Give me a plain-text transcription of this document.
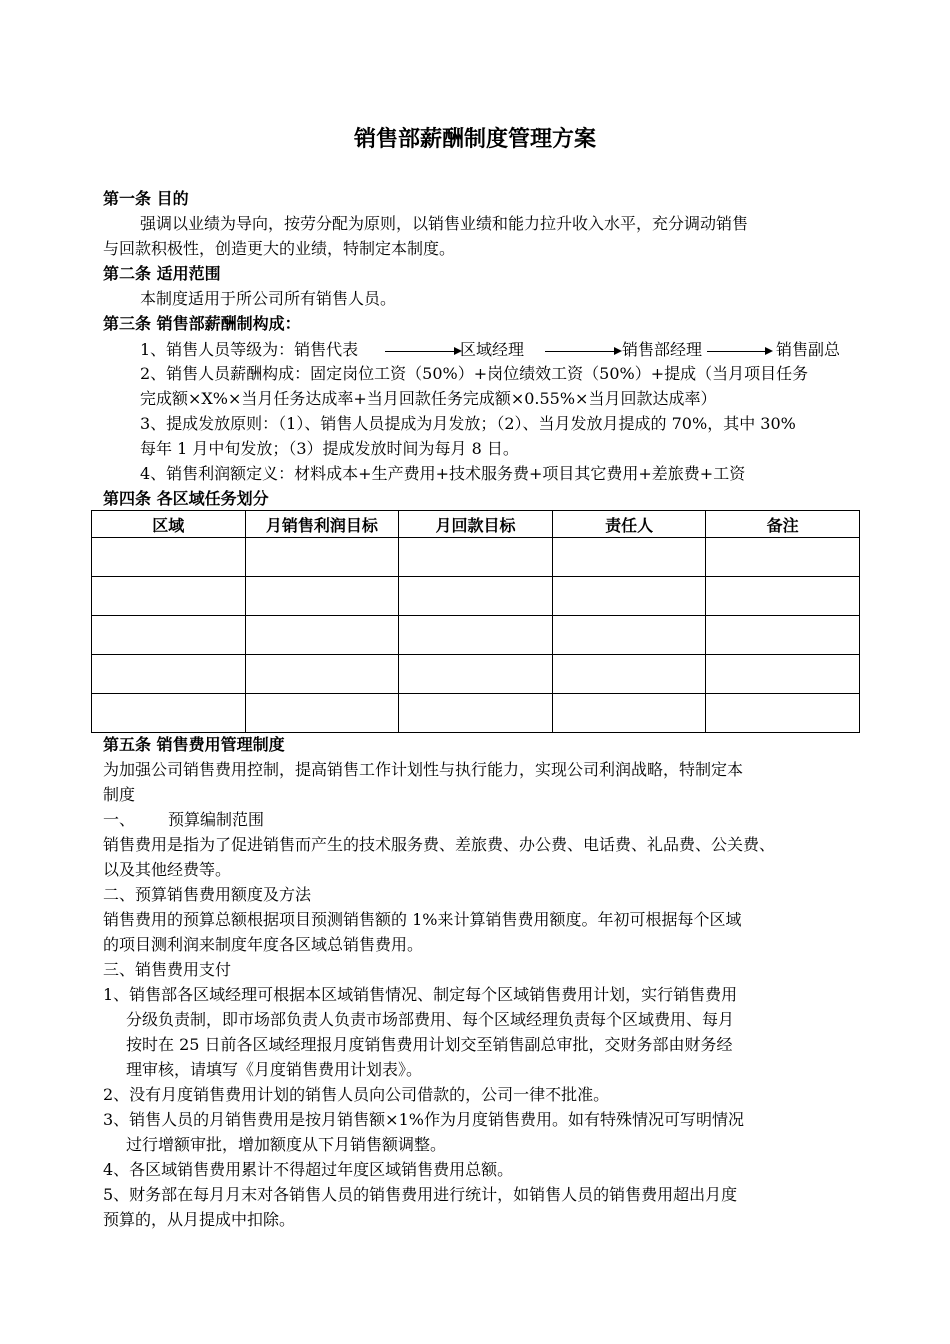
销售部薪酬制度管理方案
第一条 目的
强调以业绩为导向，按劳分配为原则，以销售业绩和能力拉升收入水平，充分调动销售
与回款积极性，创造更大的业绩，特制定本制度。
第二条 适用范围
本制度适用于所公司所有销售人员。
第三条 销售部薪酬制构成：
1、销售人员等级为：销售代表	区域经理	销售部经理	销售副总
2、销售人员薪酬构成：固定岗位工资（50%）+岗位绩效工资（50%）+提成（当月项目任务
完成额×X%×当月任务达成率+当月回款任务完成额×0.55%×当月回款达成率）
3、提成发放原则：（1）、销售人员提成为月发放；（2）、当月发放月提成的 70%，其中 30%
每年 1 月中旬发放；（3）提成发放时间为每月 8 日。
4、销售利润额定义：材料成本+生产费用+技术服务费+项目其它费用+差旅费+工资
第四条 各区域任务划分
区域	月销售利润目标	月回款目标	责任人	备注

第五条 销售费用管理制度
为加强公司销售费用控制，提高销售工作计划性与执行能力，实现公司利润战略，特制定本
制度
一、 预算编制范围
销售费用是指为了促进销售而产生的技术服务费、差旅费、办公费、电话费、礼品费、公关费、
以及其他经费等。
二、预算销售费用额度及方法
销售费用的预算总额根据项目预测销售额的 1%来计算销售费用额度。年初可根据每个区域
的项目测利润来制度年度各区域总销售费用。
三、销售费用支付
1、销售部各区域经理可根据本区域销售情况、制定每个区域销售费用计划，实行销售费用
分级负责制，即市场部负责人负责市场部费用、每个区域经理负责每个区域费用、每月
按时在 25 日前各区域经理报月度销售费用计划交至销售副总审批，交财务部由财务经
理审核，请填写《月度销售费用计划表》。
2、没有月度销售费用计划的销售人员向公司借款的，公司一律不批准。
3、销售人员的月销售费用是按月销售额×1%作为月度销售费用。如有特殊情况可写明情况
过行增额审批，增加额度从下月销售额调整。
4、各区域销售费用累计不得超过年度区域销售费用总额。
5、财务部在每月月末对各销售人员的销售费用进行统计，如销售人员的销售费用超出月度
预算的，从月提成中扣除。
